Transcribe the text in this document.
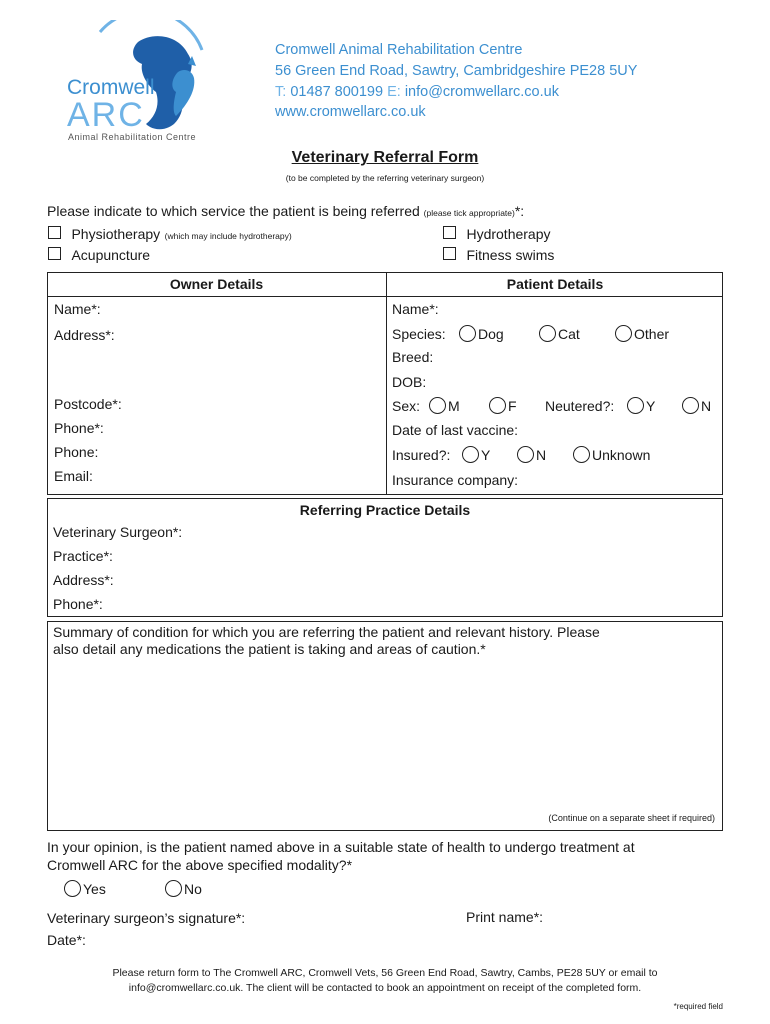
Cromwell
ARC
Animal Rehabilitation Centre
Cromwell Animal Rehabilitation Centre
56 Green End Road, Sawtry, Cambridgeshire PE28 5UY
T: 01487 800199 E: info@cromwellarc.co.uk
www.cromwellarc.co.uk
Veterinary Referral Form
(to be completed by the referring veterinary surgeon)
Please indicate to which service the patient is being referred (please tick appropriate)*:
Physiotherapy (which may include hydrotherapy)
Acupuncture
Hydrotherapy
Fitness swims
Owner Details	Patient Details
Name*:
Address*:
Postcode*:
Phone*:
Phone:
Email:
Name*:
Species:	Dog	Cat	Other
Breed:
DOB:
Sex:	M	F Neutered?:	Y	N
Date of last vaccine:
Insured?:	Y	N	Unknown
Insurance company:
Referring Practice Details
Veterinary Surgeon*:
Practice*:
Address*:
Phone*:
Summary of condition for which you are referring the patient and relevant history. Please
also detail any medications the patient is taking and areas of caution.*
(Continue on a separate sheet if required)
In your opinion, is the patient named above in a suitable state of health to undergo treatment at
Cromwell ARC for the above specified modality?*
Yes	No
Veterinary surgeon’s signature*:	Print name*:
Date*:
Please return form to The Cromwell ARC, Cromwell Vets, 56 Green End Road, Sawtry, Cambs, PE28 5UY or email to
info@cromwellarc.co.uk. The client will be contacted to book an appointment on receipt of the completed form.
*required field
